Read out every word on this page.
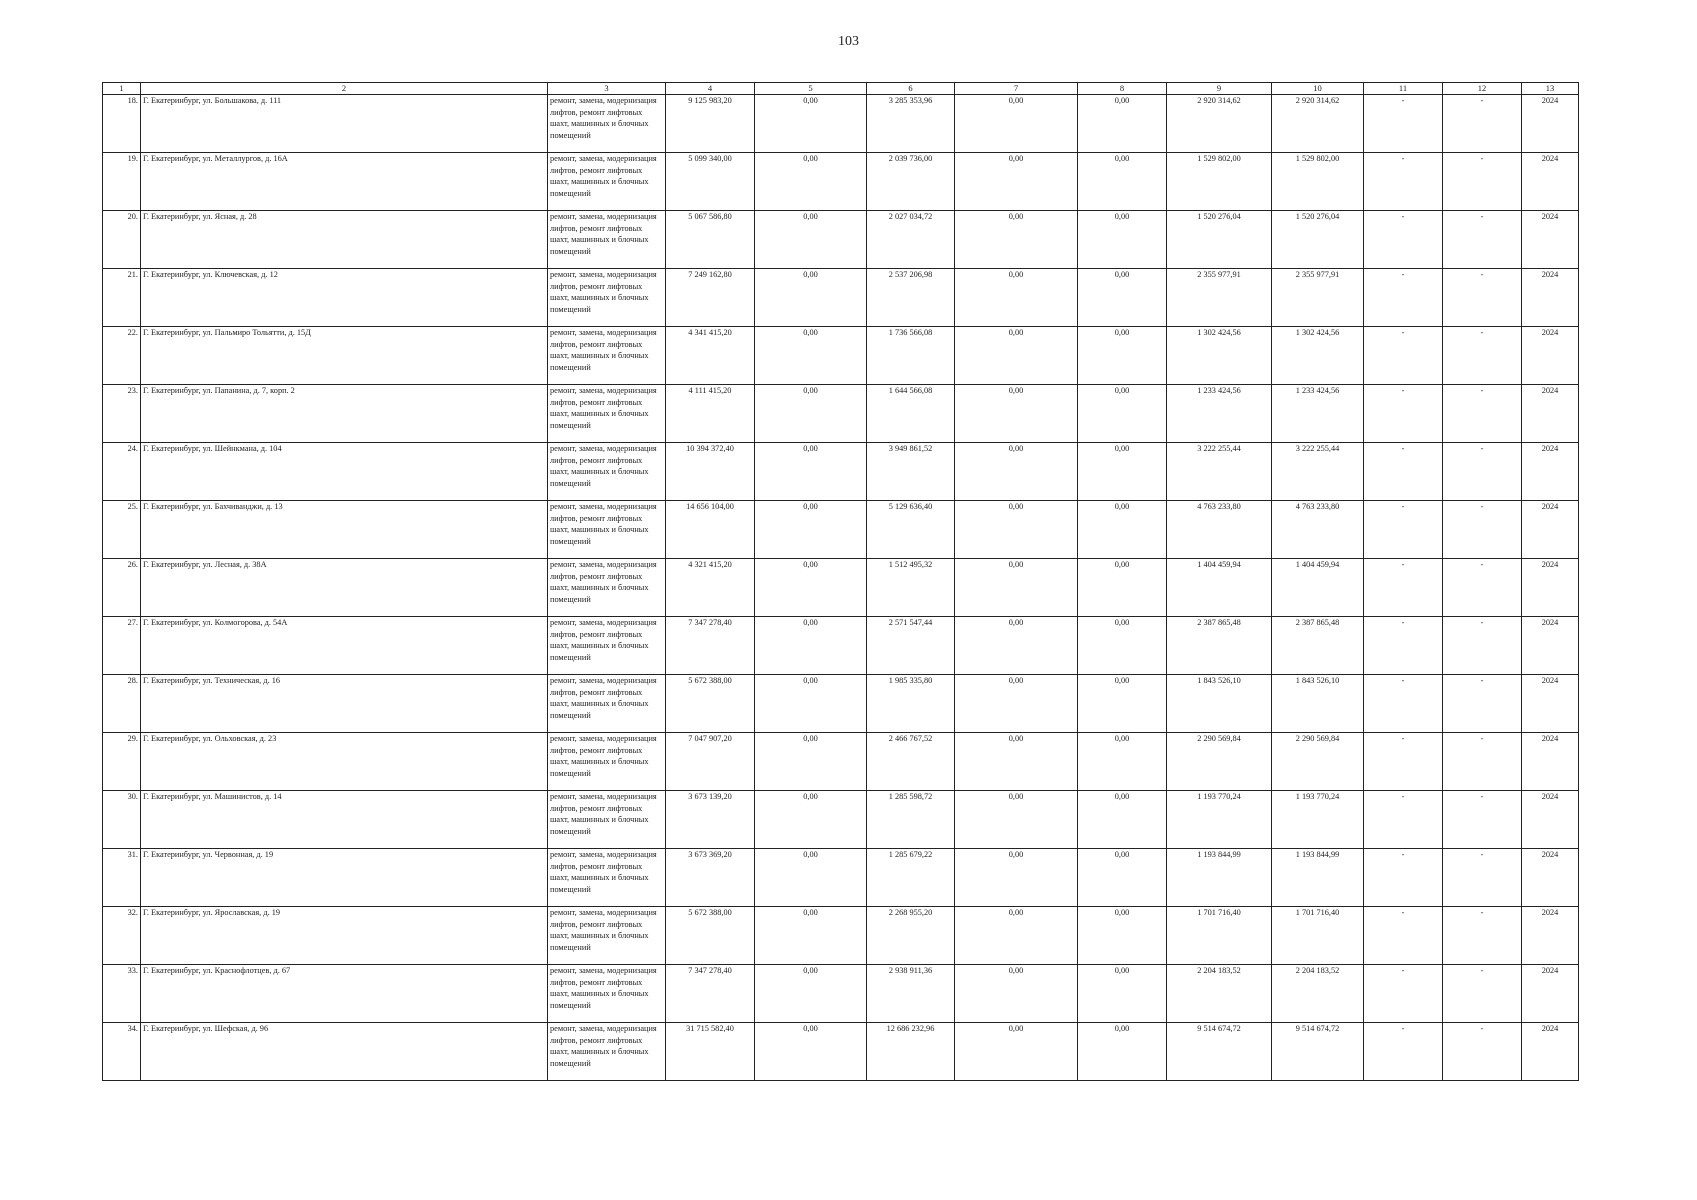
103
1	2	3	4	5	6	7	8	9	10	11	12	13
18.	Г. Екатеринбург, ул. Большакова, д. 111	ремонт, замена, модернизация лифтов, ремонт лифтовых шахт, машинных и блочных помещений	9 125 983,20	0,00	3 285 353,96	0,00	0,00	2 920 314,62	2 920 314,62	-	-	2024
19.	Г. Екатеринбург, ул. Металлургов, д. 16А	ремонт, замена, модернизация лифтов, ремонт лифтовых шахт, машинных и блочных помещений	5 099 340,00	0,00	2 039 736,00	0,00	0,00	1 529 802,00	1 529 802,00	-	-	2024
20.	Г. Екатеринбург, ул. Ясная, д. 28	ремонт, замена, модернизация лифтов, ремонт лифтовых шахт, машинных и блочных помещений	5 067 586,80	0,00	2 027 034,72	0,00	0,00	1 520 276,04	1 520 276,04	-	-	2024
21.	Г. Екатеринбург, ул. Ключевская, д. 12	ремонт, замена, модернизация лифтов, ремонт лифтовых шахт, машинных и блочных помещений	7 249 162,80	0,00	2 537 206,98	0,00	0,00	2 355 977,91	2 355 977,91	-	-	2024
22.	Г. Екатеринбург, ул. Пальмиро Тольятти, д. 15Д	ремонт, замена, модернизация лифтов, ремонт лифтовых шахт, машинных и блочных помещений	4 341 415,20	0,00	1 736 566,08	0,00	0,00	1 302 424,56	1 302 424,56	-	-	2024
23.	Г. Екатеринбург, ул. Папанина, д. 7, корп. 2	ремонт, замена, модернизация лифтов, ремонт лифтовых шахт, машинных и блочных помещений	4 111 415,20	0,00	1 644 566,08	0,00	0,00	1 233 424,56	1 233 424,56	-	-	2024
24.	Г. Екатеринбург, ул. Шейнкмана, д. 104	ремонт, замена, модернизация лифтов, ремонт лифтовых шахт, машинных и блочных помещений	10 394 372,40	0,00	3 949 861,52	0,00	0,00	3 222 255,44	3 222 255,44	-	-	2024
25.	Г. Екатеринбург, ул. Бахчиванджи, д. 13	ремонт, замена, модернизация лифтов, ремонт лифтовых шахт, машинных и блочных помещений	14 656 104,00	0,00	5 129 636,40	0,00	0,00	4 763 233,80	4 763 233,80	-	-	2024
26.	Г. Екатеринбург, ул. Лесная, д. 38А	ремонт, замена, модернизация лифтов, ремонт лифтовых шахт, машинных и блочных помещений	4 321 415,20	0,00	1 512 495,32	0,00	0,00	1 404 459,94	1 404 459,94	-	-	2024
27.	Г. Екатеринбург, ул. Колмогорова, д. 54А	ремонт, замена, модернизация лифтов, ремонт лифтовых шахт, машинных и блочных помещений	7 347 278,40	0,00	2 571 547,44	0,00	0,00	2 387 865,48	2 387 865,48	-	-	2024
28.	Г. Екатеринбург, ул. Техническая, д. 16	ремонт, замена, модернизация лифтов, ремонт лифтовых шахт, машинных и блочных помещений	5 672 388,00	0,00	1 985 335,80	0,00	0,00	1 843 526,10	1 843 526,10	-	-	2024
29.	Г. Екатеринбург, ул. Ольховская, д. 23	ремонт, замена, модернизация лифтов, ремонт лифтовых шахт, машинных и блочных помещений	7 047 907,20	0,00	2 466 767,52	0,00	0,00	2 290 569,84	2 290 569,84	-	-	2024
30.	Г. Екатеринбург, ул. Машинистов, д. 14	ремонт, замена, модернизация лифтов, ремонт лифтовых шахт, машинных и блочных помещений	3 673 139,20	0,00	1 285 598,72	0,00	0,00	1 193 770,24	1 193 770,24	-	-	2024
31.	Г. Екатеринбург, ул. Червонная, д. 19	ремонт, замена, модернизация лифтов, ремонт лифтовых шахт, машинных и блочных помещений	3 673 369,20	0,00	1 285 679,22	0,00	0,00	1 193 844,99	1 193 844,99	-	-	2024
32.	Г. Екатеринбург, ул. Ярославская, д. 19	ремонт, замена, модернизация лифтов, ремонт лифтовых шахт, машинных и блочных помещений	5 672 388,00	0,00	2 268 955,20	0,00	0,00	1 701 716,40	1 701 716,40	-	-	2024
33.	Г. Екатеринбург, ул. Краснофлотцев, д. 67	ремонт, замена, модернизация лифтов, ремонт лифтовых шахт, машинных и блочных помещений	7 347 278,40	0,00	2 938 911,36	0,00	0,00	2 204 183,52	2 204 183,52	-	-	2024
34.	Г. Екатеринбург, ул. Шефская, д. 96	ремонт, замена, модернизация лифтов, ремонт лифтовых шахт, машинных и блочных помещений	31 715 582,40	0,00	12 686 232,96	0,00	0,00	9 514 674,72	9 514 674,72	-	-	2024
